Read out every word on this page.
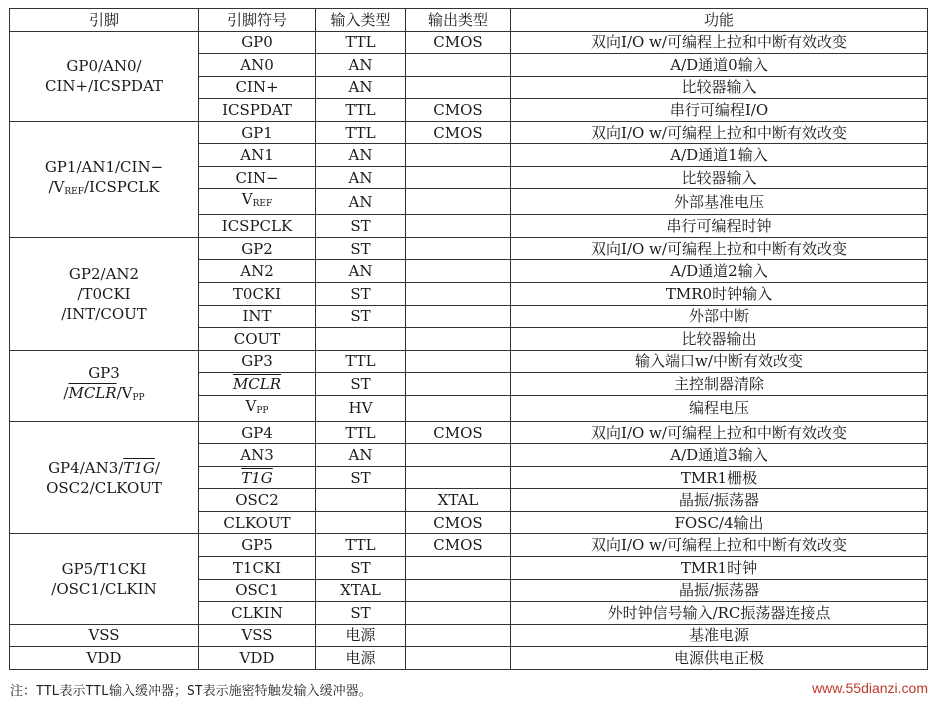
引脚	引脚符号	输入类型	输出类型	功能

GP0/AN0/
CIN+/ICSPDAT	GP0	TTL	CMOS	双向I/O w/可编程上拉和中断有效改变
	AN0	AN		A/D通道0输入
	CIN+	AN		比较器输入
	ICSPDAT	TTL	CMOS	串行可编程I/O

GP1/AN1/CIN−
$/V_{REF}$/ICSPCLK	GP1	TTL	CMOS	双向I/O w/可编程上拉和中断有效改变
	AN1	AN		A/D通道1输入
	CIN−	AN		比较器输入
	$V_{REF}$	AN		外部基准电压
	ICSPCLK	ST		串行可编程时钟

GP2/AN2
/T0CKI
/INT/COUT	GP2	ST		双向I/O w/可编程上拉和中断有效改变
	AN2	AN		A/D通道2输入
	T0CKI	ST		TMR0时钟输入
	INT	ST		外部中断
	COUT			比较器输出

GP3
$/MCLR/V_{PP}$	GP3	TTL		输入端口w/中断有效改变
	MCLR	ST		主控制器清除
	$V_{PP}$	HV		编程电压

GP4/AN3/T1G/
OSC2/CLKOUT	GP4	TTL	CMOS	双向I/O w/可编程上拉和中断有效改变
	AN3	AN		A/D通道3输入
	T1G	ST		TMR1栅极
	OSC2		XTAL	晶振/振荡器
	CLKOUT		CMOS	FOSC/4输出

GP5/T1CKI
/OSC1/CLKIN	GP5	TTL	CMOS	双向I/O w/可编程上拉和中断有效改变
	T1CKI	ST		TMR1时钟
	OSC1	XTAL		晶振/振荡器
	CLKIN	ST		外时钟信号输入/RC振荡器连接点

VSS	VSS	电源		基准电源

VDD	VDD	电源		电源供电正极
注：TTL表示TTL输入缓冲器；ST表示施密特触发输入缓冲器。	www.55dianzi.com
